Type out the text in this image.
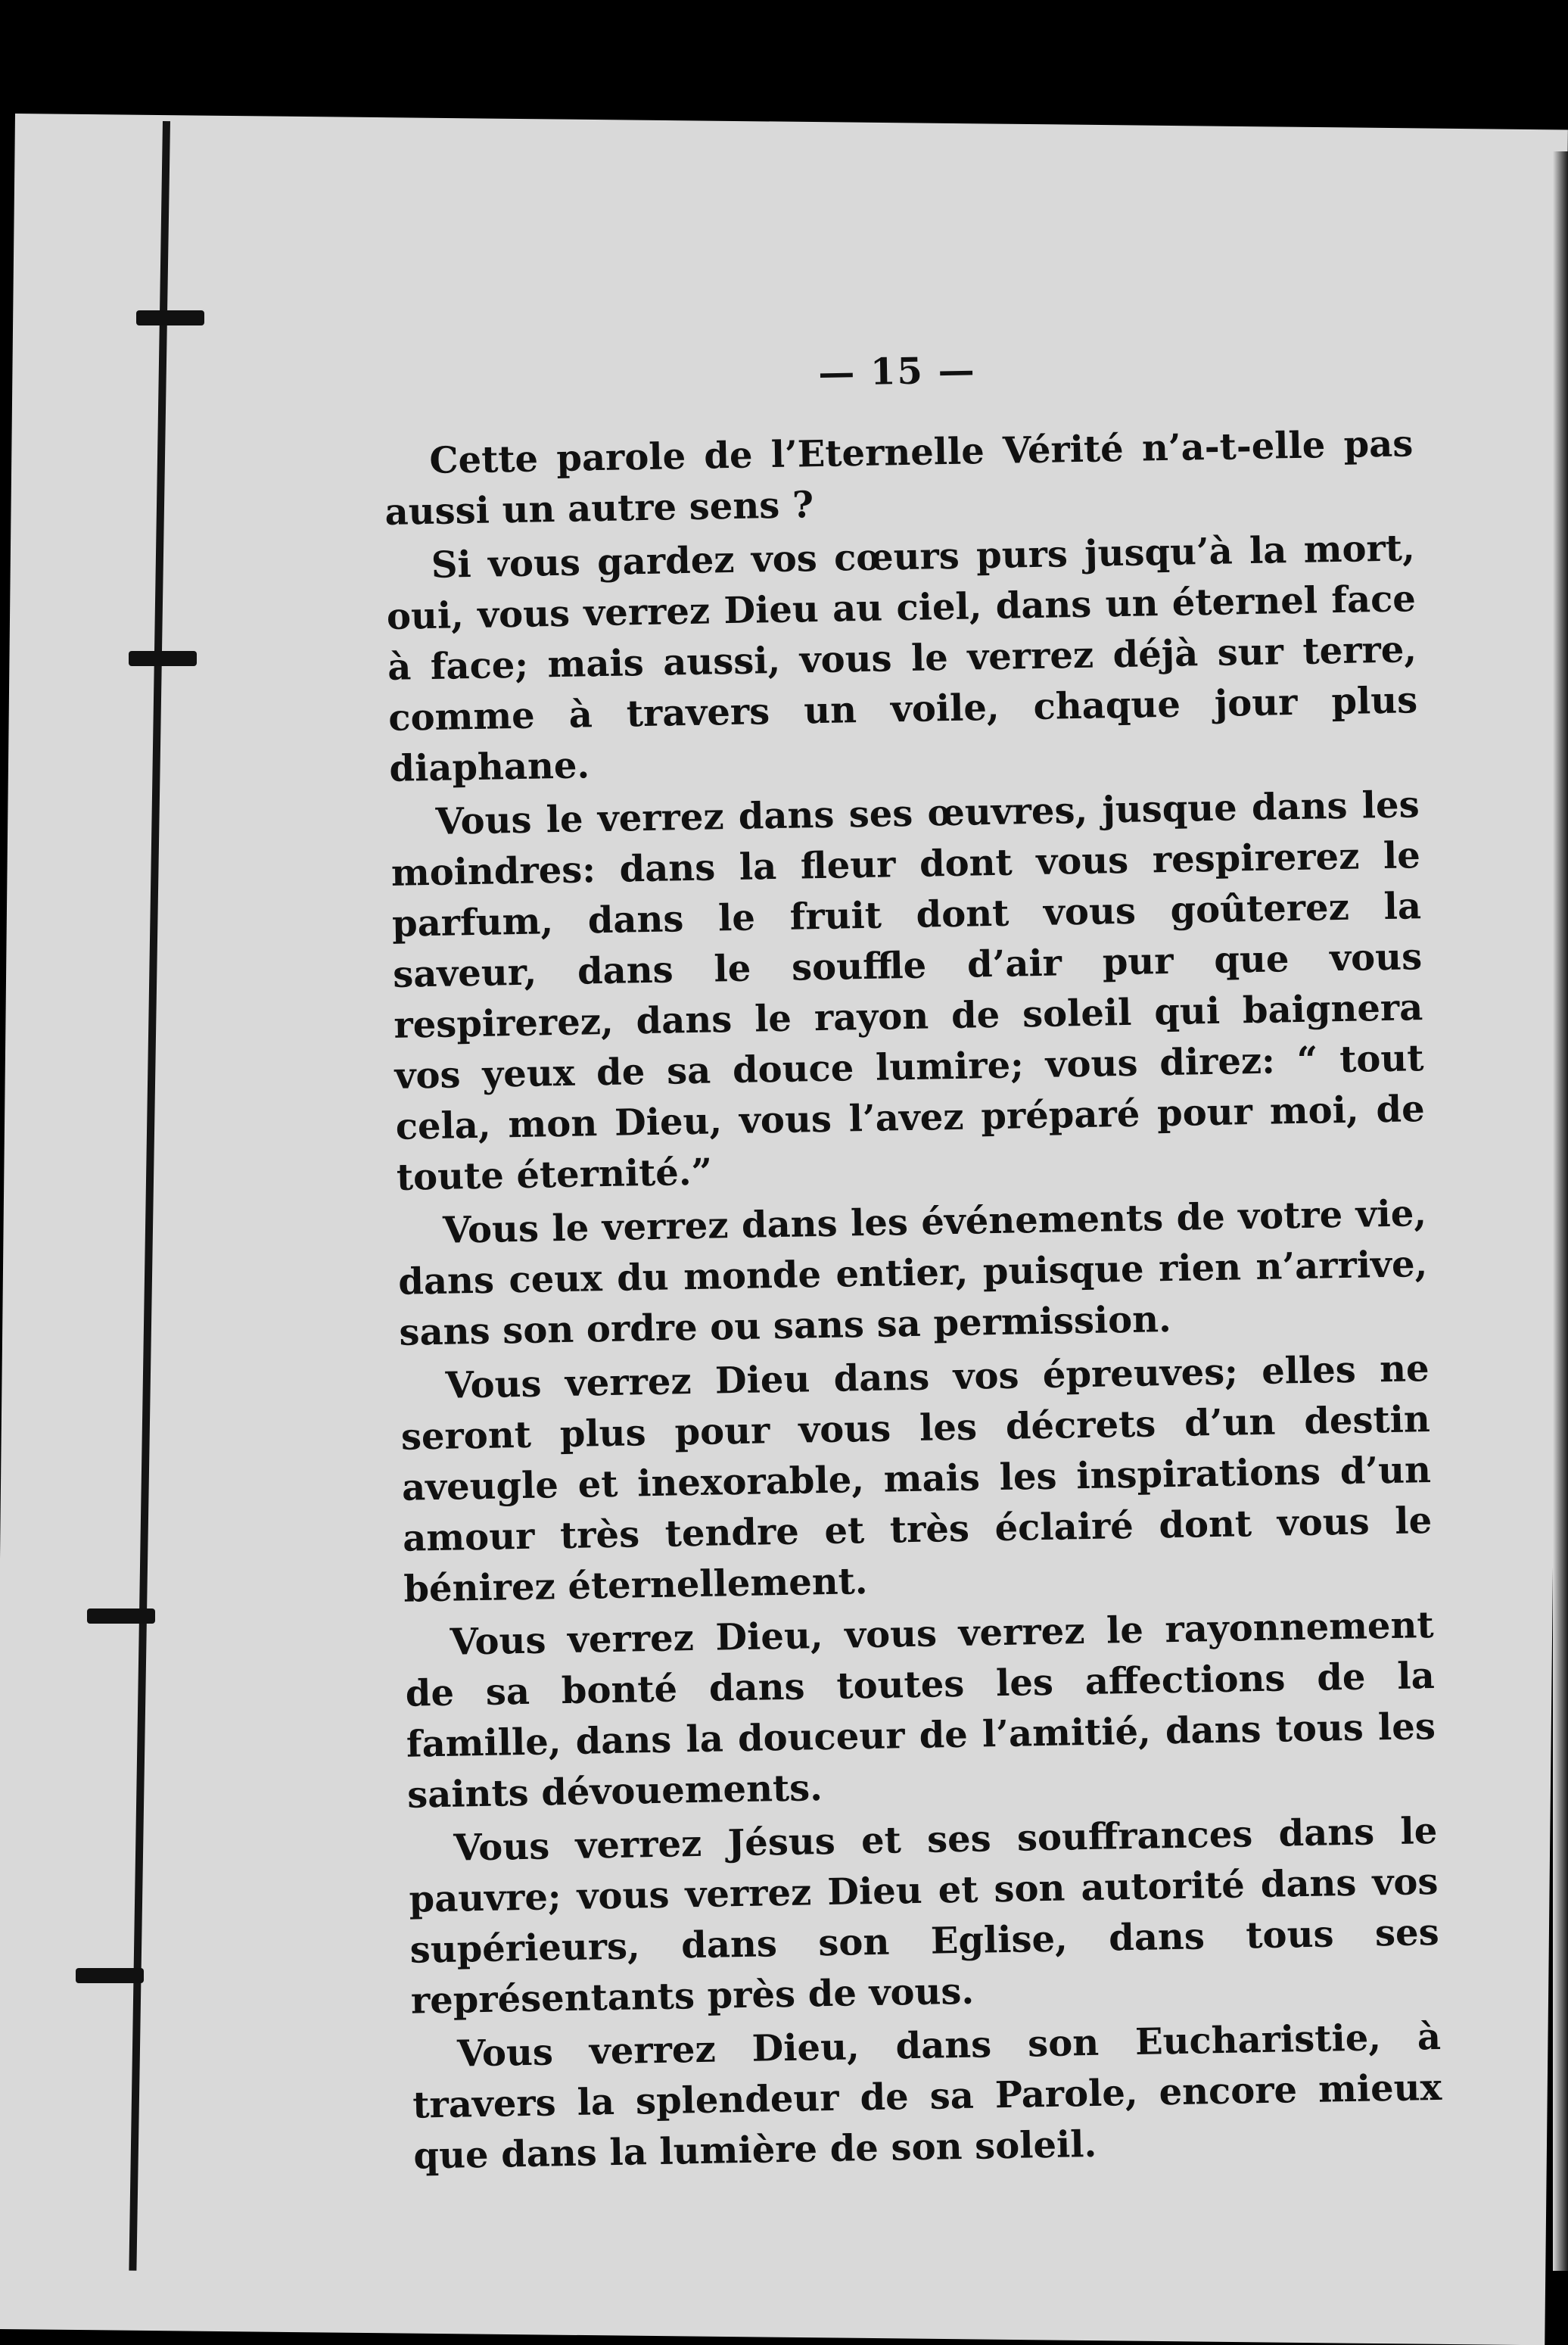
— 15 —

Cette parole de l’Eternelle Vérité n’a-t-elle pas aussi un autre sens ?

Si vous gardez vos cœurs purs jusqu’à la mort, oui, vous verrez Dieu au ciel, dans un éternel face à face; mais aussi, vous le verrez déjà sur terre, comme à travers un voile, chaque jour plus diaphane.

Vous le verrez dans ses œuvres, jusque dans les moindres: dans la fleur dont vous respirerez le parfum, dans le fruit dont vous goûterez la saveur, dans le souffle d’air pur que vous respirerez, dans le rayon de soleil qui baignera vos yeux de sa douce lumire; vous direz: “ tout cela, mon Dieu, vous l’avez préparé pour moi, de toute éternité.”

Vous le verrez dans les événements de votre vie, dans ceux du monde entier, puisque rien n’arrive, sans son ordre ou sans sa permission.

Vous verrez Dieu dans vos épreuves; elles ne seront plus pour vous les décrets d’un destin aveugle et inexorable, mais les inspirations d’un amour très tendre et très éclairé dont vous le bénirez éternellement.

Vous verrez Dieu, vous verrez le rayonnement de sa bonté dans toutes les affections de la famille, dans la douceur de l’amitié, dans tous les saints dévouements.

Vous verrez Jésus et ses souffrances dans le pauvre; vous verrez Dieu et son autorité dans vos supérieurs, dans son Eglise, dans tous ses représentants près de vous.

Vous verrez Dieu, dans son Eucharistie, à travers la splendeur de sa Parole, encore mieux que dans la lumière de son soleil.
